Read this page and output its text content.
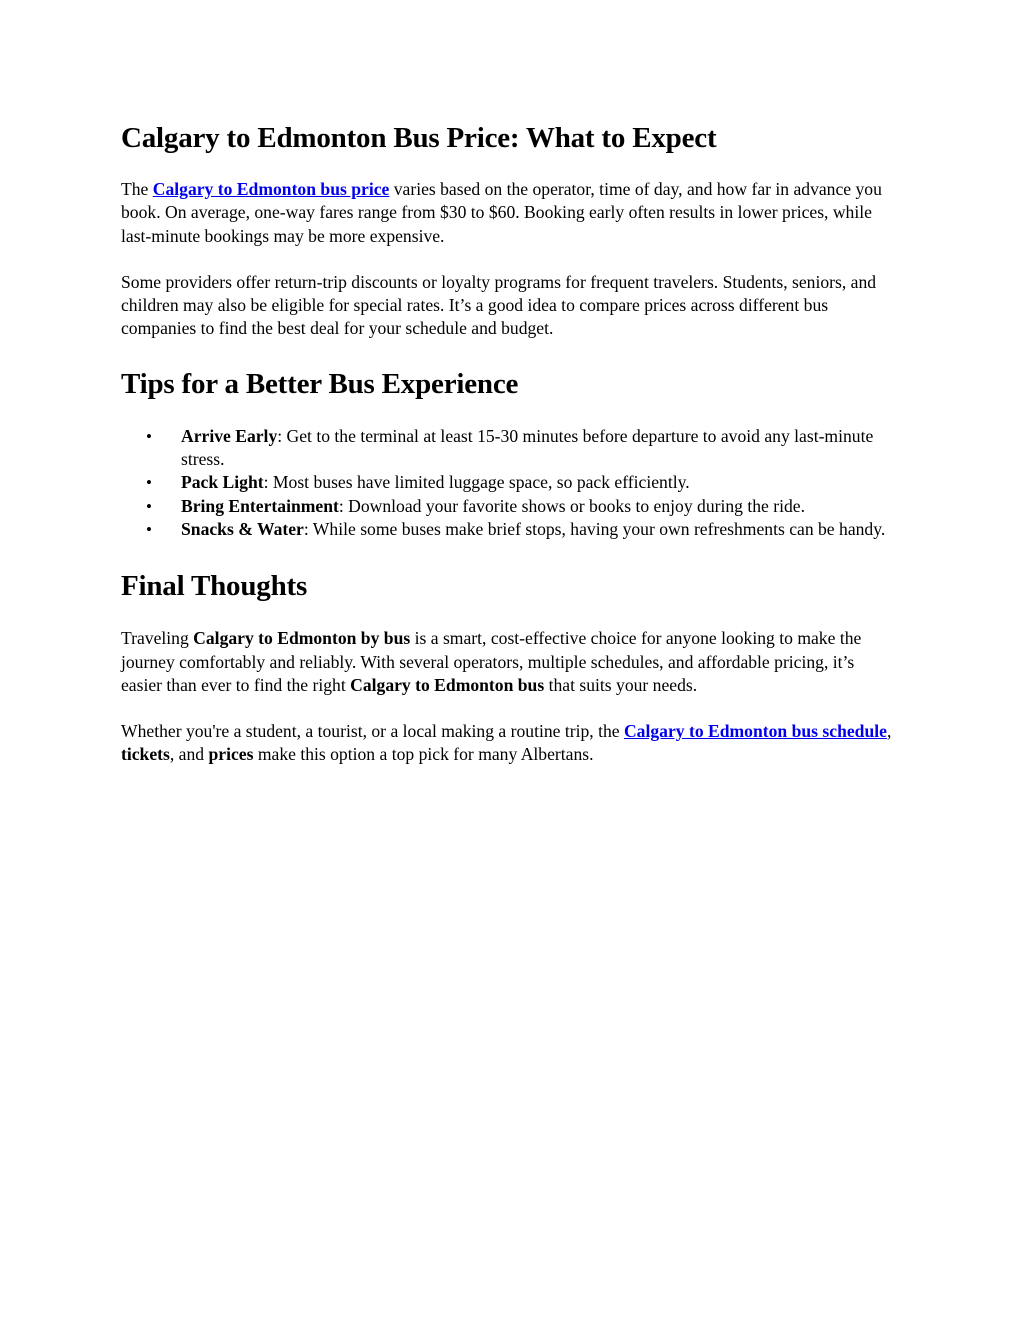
Calgary to Edmonton Bus Price: What to Expect

The Calgary to Edmonton bus price varies based on the operator, time of day, and how far in advance you book. On average, one-way fares range from $30 to $60. Booking early often results in lower prices, while last-minute bookings may be more expensive.

Some providers offer return-trip discounts or loyalty programs for frequent travelers. Students, seniors, and children may also be eligible for special rates. It’s a good idea to compare prices across different bus companies to find the best deal for your schedule and budget.

Tips for a Better Bus Experience
• Arrive Early: Get to the terminal at least 15-30 minutes before departure to avoid any last-minute stress.
• Pack Light: Most buses have limited luggage space, so pack efficiently.
• Bring Entertainment: Download your favorite shows or books to enjoy during the ride.
• Snacks & Water: While some buses make brief stops, having your own refreshments can be handy.
Final Thoughts

Traveling Calgary to Edmonton by bus is a smart, cost-effective choice for anyone looking to make the journey comfortably and reliably. With several operators, multiple schedules, and affordable pricing, it’s easier than ever to find the right Calgary to Edmonton bus that suits your needs.

Whether you're a student, a tourist, or a local making a routine trip, the Calgary to Edmonton bus schedule, tickets, and prices make this option a top pick for many Albertans.
